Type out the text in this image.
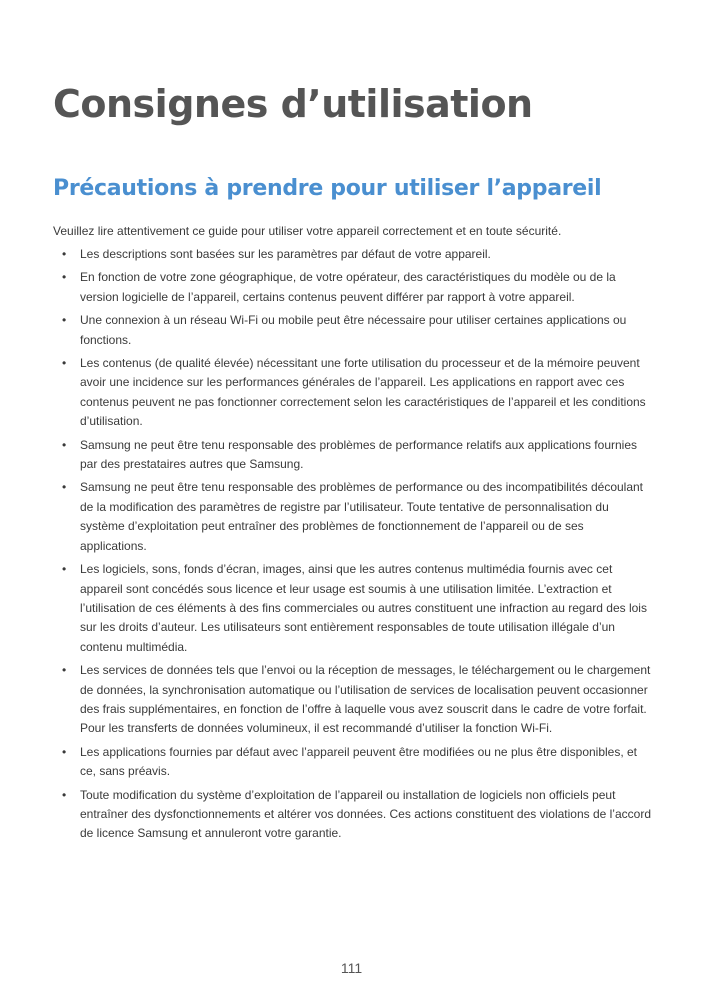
Consignes d’utilisation
Précautions à prendre pour utiliser l’appareil

Veuillez lire attentivement ce guide pour utiliser votre appareil correctement et en toute sécurité.

• Les descriptions sont basées sur les paramètres par défaut de votre appareil.
• En fonction de votre zone géographique, de votre opérateur, des caractéristiques du modèle ou de la version logicielle de l’appareil, certains contenus peuvent différer par rapport à votre appareil.
• Une connexion à un réseau Wi-Fi ou mobile peut être nécessaire pour utiliser certaines applications ou fonctions.
• Les contenus (de qualité élevée) nécessitant une forte utilisation du processeur et de la mémoire peuvent avoir une incidence sur les performances générales de l’appareil. Les applications en rapport avec ces contenus peuvent ne pas fonctionner correctement selon les caractéristiques de l’appareil et les conditions d’utilisation.
• Samsung ne peut être tenu responsable des problèmes de performance relatifs aux applications fournies par des prestataires autres que Samsung.
• Samsung ne peut être tenu responsable des problèmes de performance ou des incompatibilités découlant de la modification des paramètres de registre par l’utilisateur. Toute tentative de personnalisation du système d’exploitation peut entraîner des problèmes de fonctionnement de l’appareil ou de ses applications.
• Les logiciels, sons, fonds d’écran, images, ainsi que les autres contenus multimédia fournis avec cet appareil sont concédés sous licence et leur usage est soumis à une utilisation limitée. L’extraction et l’utilisation de ces éléments à des fins commerciales ou autres constituent une infraction au regard des lois sur les droits d’auteur. Les utilisateurs sont entièrement responsables de toute utilisation illégale d’un contenu multimédia.
• Les services de données tels que l’envoi ou la réception de messages, le téléchargement ou le chargement de données, la synchronisation automatique ou l’utilisation de services de localisation peuvent occasionner des frais supplémentaires, en fonction de l’offre à laquelle vous avez souscrit dans le cadre de votre forfait. Pour les transferts de données volumineux, il est recommandé d’utiliser la fonction Wi-Fi.
• Les applications fournies par défaut avec l’appareil peuvent être modifiées ou ne plus être disponibles, et ce, sans préavis.
• Toute modification du système d’exploitation de l’appareil ou installation de logiciels non officiels peut entraîner des dysfonctionnements et altérer vos données. Ces actions constituent des violations de l’accord de licence Samsung et annuleront votre garantie.
111
